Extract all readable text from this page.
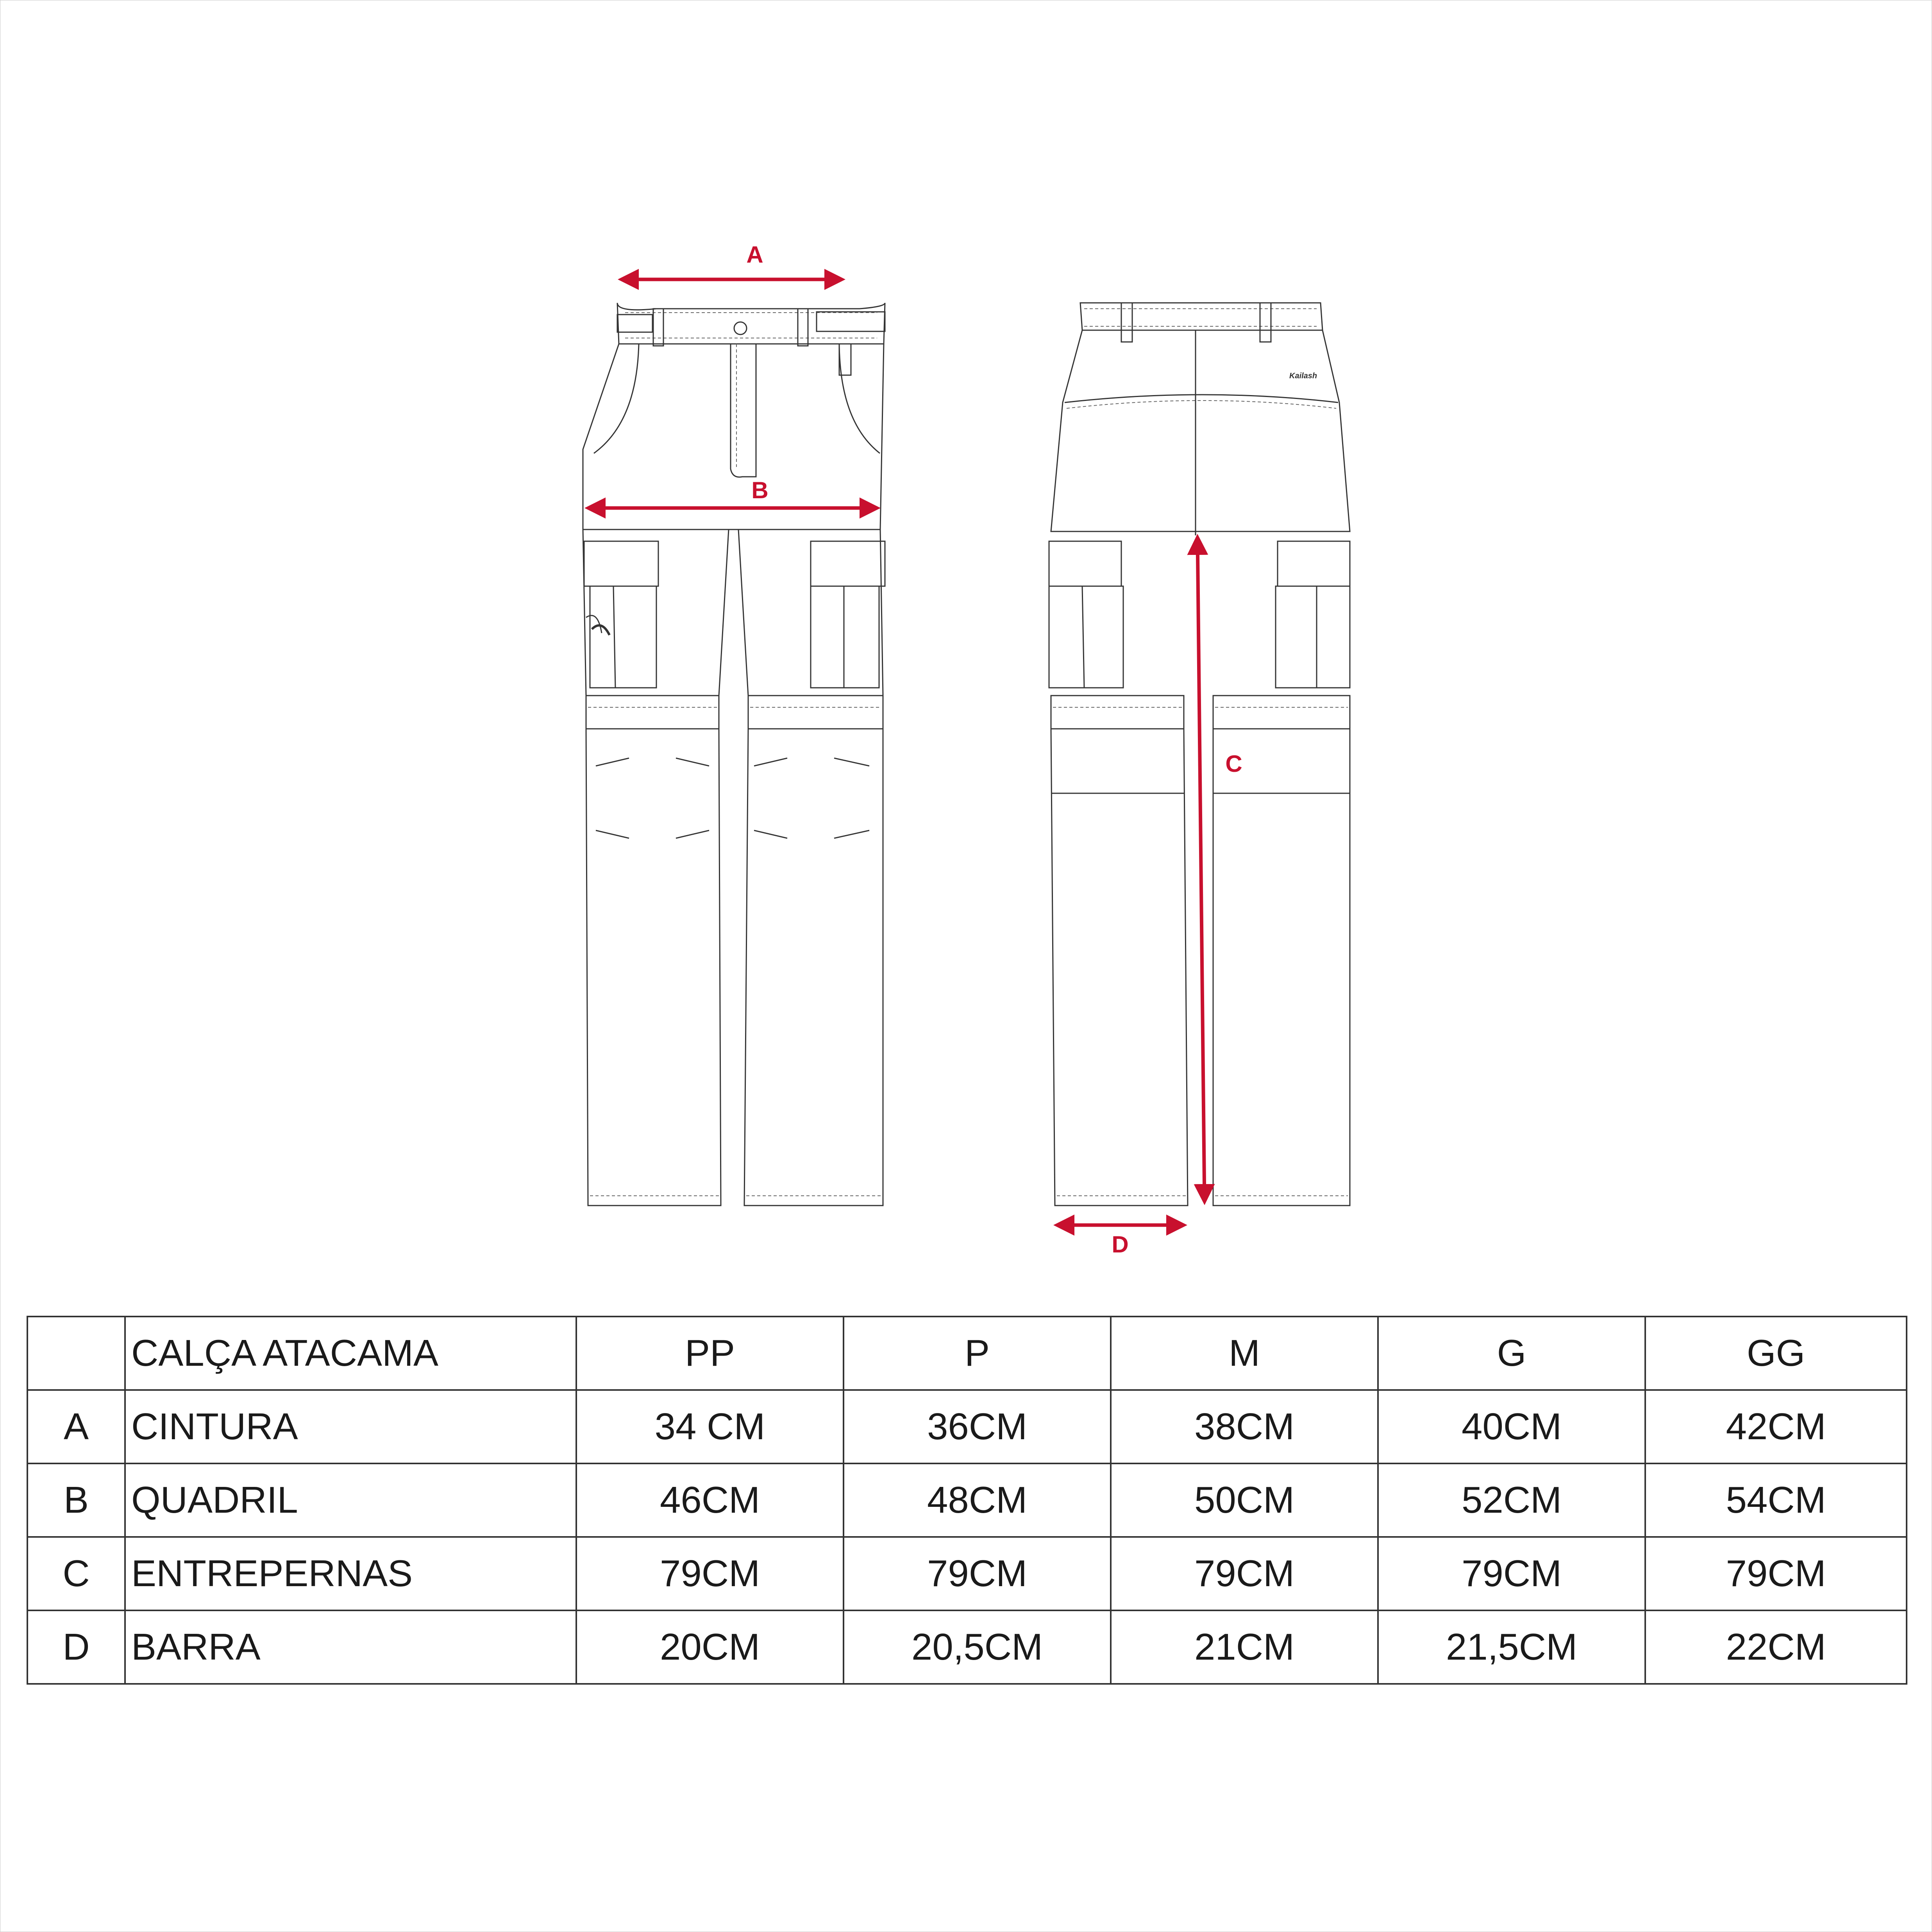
Kailash
A
B
C
D
	CALÇA ATACAMA	PP	P	M	G	GG
A	CINTURA	34 CM	36CM	38CM	40CM	42CM
B	QUADRIL	46CM	48CM	50CM	52CM	54CM
C	ENTREPERNAS	79CM	79CM	79CM	79CM	79CM
D	BARRA	20CM	20,5CM	21CM	21,5CM	22CM
